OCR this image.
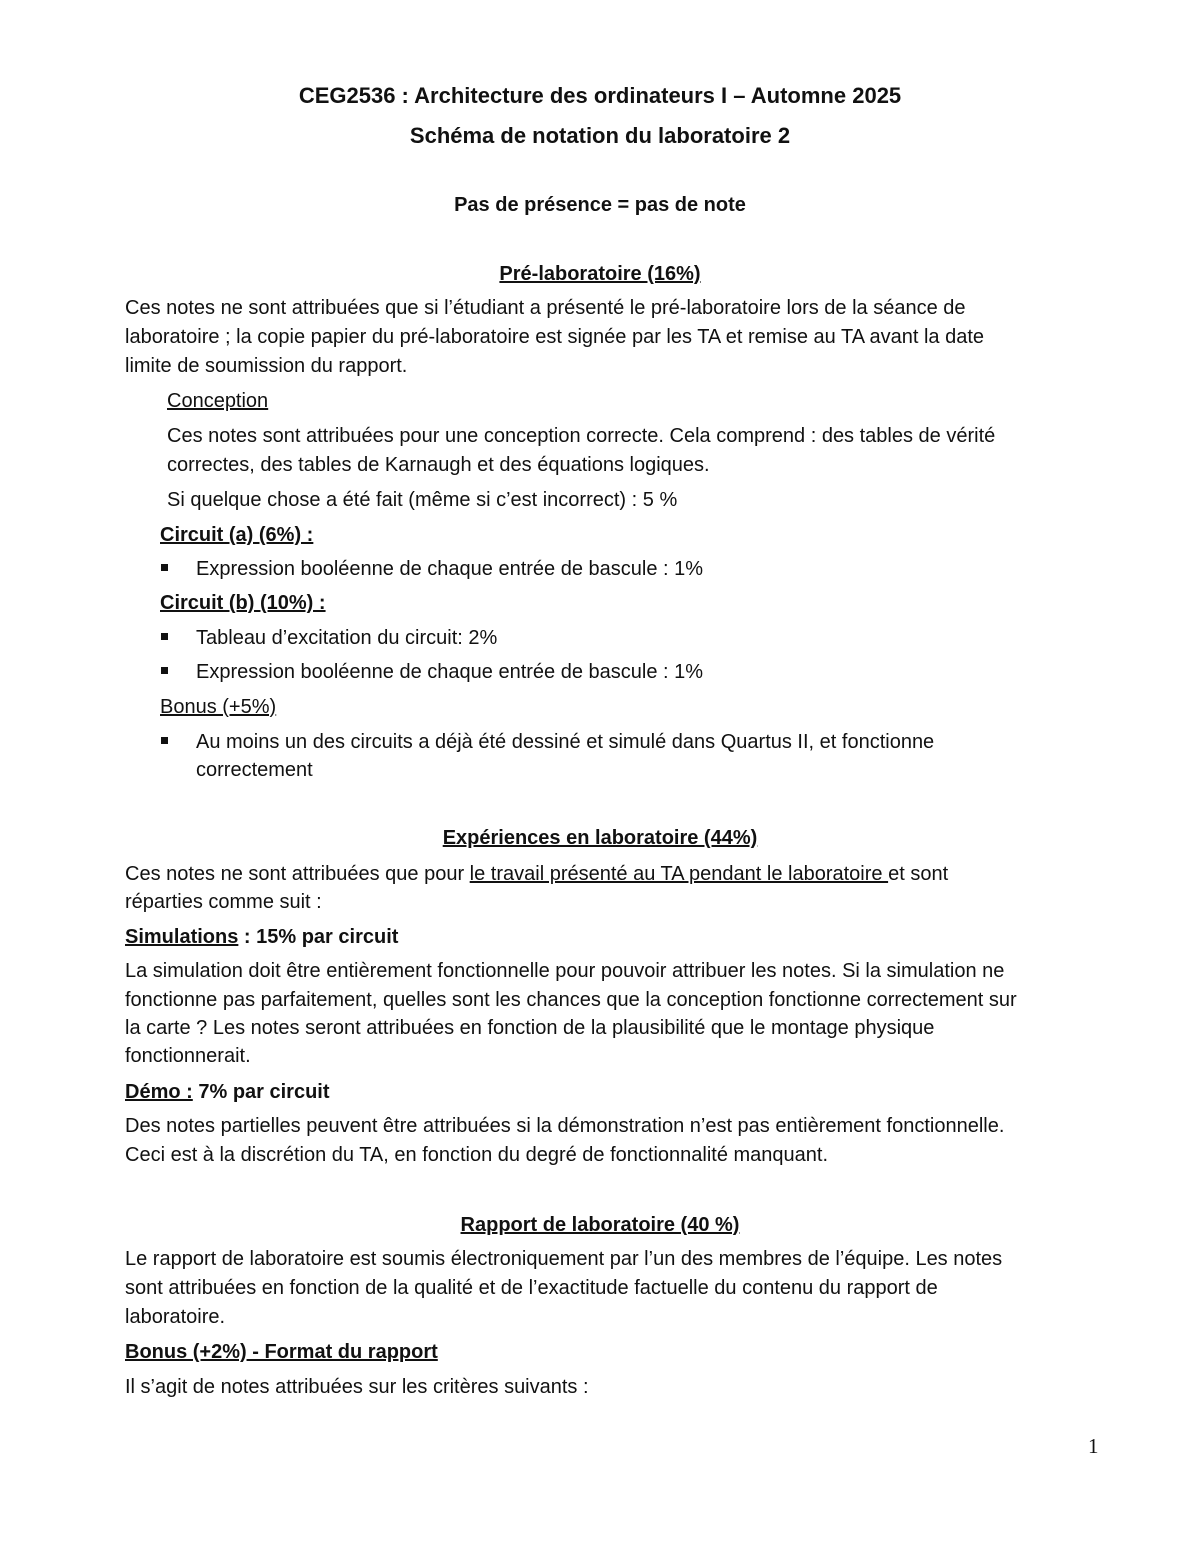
CEG2536 : Architecture des ordinateurs I – Automne 2025
Schéma de notation du laboratoire 2
Pas de présence = pas de note
Pré-laboratoire (16%)
Ces notes ne sont attribuées que si l’étudiant a présenté le pré-laboratoire lors de la séance de
laboratoire ; la copie papier du pré-laboratoire est signée par les TA et remise au TA avant la date
limite de soumission du rapport.
Conception
Ces notes sont attribuées pour une conception correcte. Cela comprend : des tables de vérité
correctes, des tables de Karnaugh et des équations logiques.
Si quelque chose a été fait (même si c’est incorrect) : 5 %
Circuit (a) (6%) :
Expression booléenne de chaque entrée de bascule : 1%
Circuit (b) (10%) :
Tableau d’excitation du circuit: 2%
Expression booléenne de chaque entrée de bascule : 1%
Bonus (+5%)
Au moins un des circuits a déjà été dessiné et simulé dans Quartus II, et fonctionne
correctement
Expériences en laboratoire (44%)
Ces notes ne sont attribuées que pour le travail présenté au TA pendant le laboratoire et sont
réparties comme suit :
Simulations : 15% par circuit
La simulation doit être entièrement fonctionnelle pour pouvoir attribuer les notes. Si la simulation ne
fonctionne pas parfaitement, quelles sont les chances que la conception fonctionne correctement sur
la carte ? Les notes seront attribuées en fonction de la plausibilité que le montage physique
fonctionnerait.
Démo : 7% par circuit
Des notes partielles peuvent être attribuées si la démonstration n’est pas entièrement fonctionnelle.
Ceci est à la discrétion du TA, en fonction du degré de fonctionnalité manquant.
Rapport de laboratoire (40 %)
Le rapport de laboratoire est soumis électroniquement par l’un des membres de l’équipe. Les notes
sont attribuées en fonction de la qualité et de l’exactitude factuelle du contenu du rapport de
laboratoire.
Bonus (+2%) - Format du rapport
Il s’agit de notes attribuées sur les critères suivants :
1
